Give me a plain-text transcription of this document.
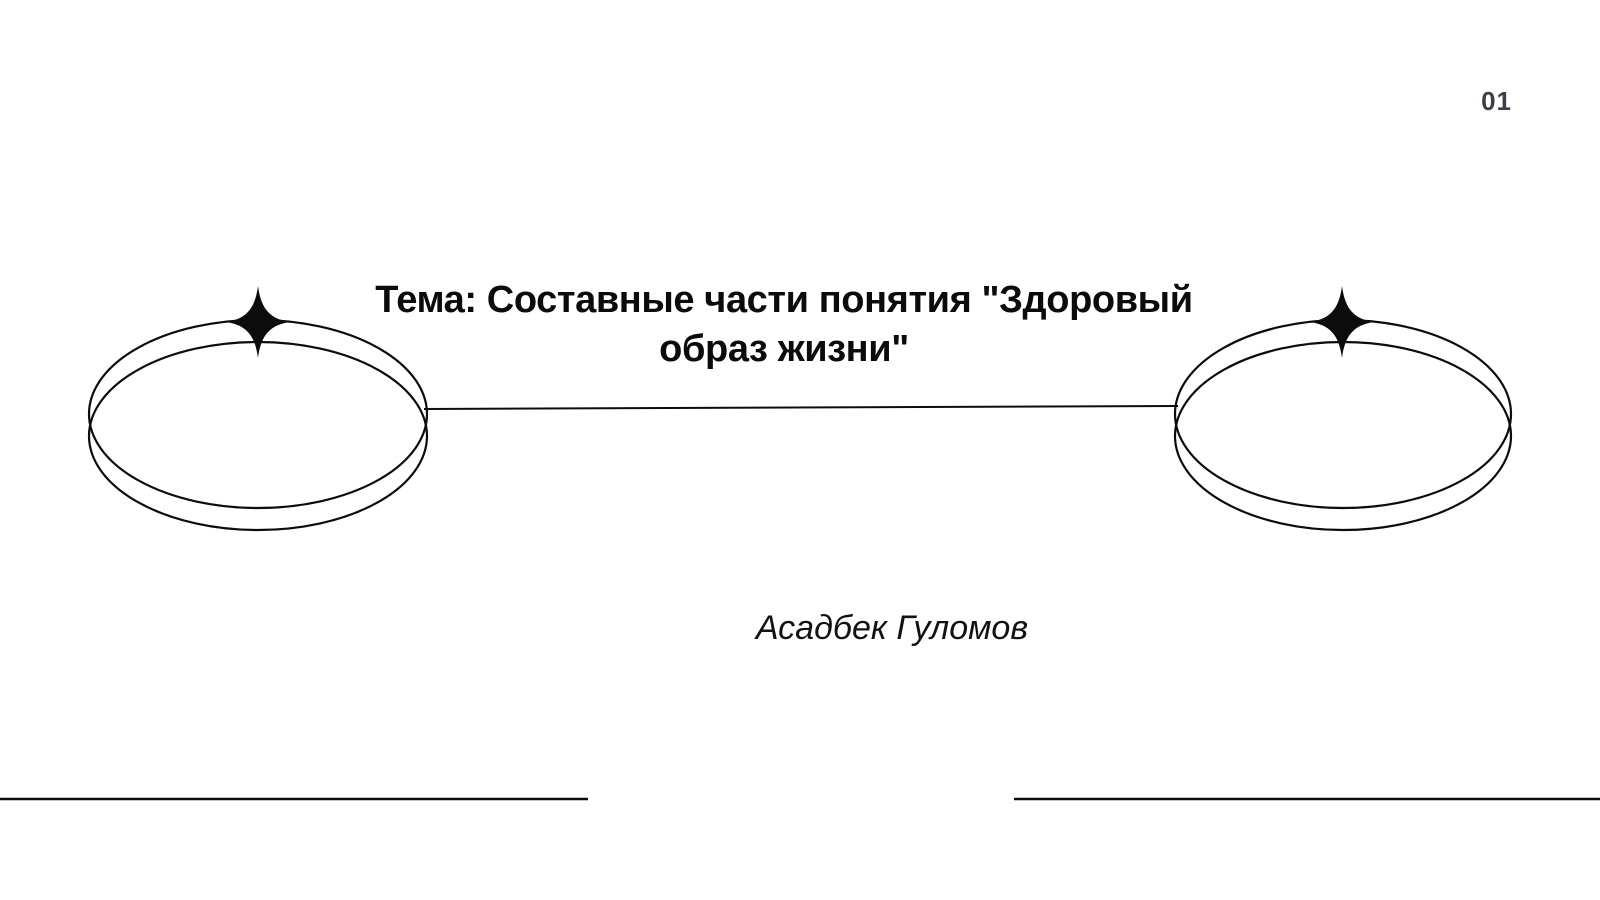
01
Тема: Составные части понятия "Здоровый образ жизни"
Асадбек Гуломов
